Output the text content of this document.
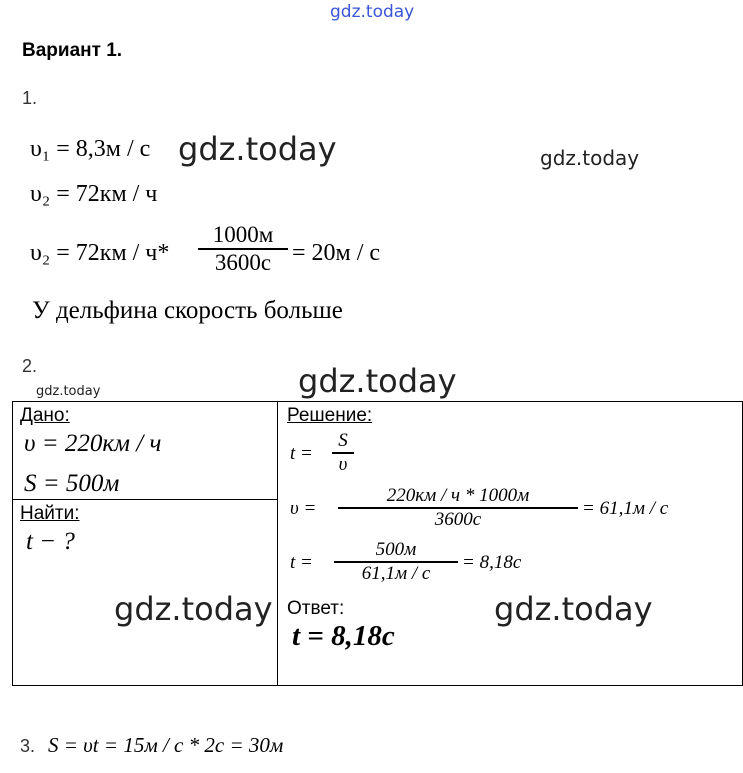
gdz.today
Вариант 1.
1.
υ₁ = 8,3м / с gdz.today	gdz.today
υ₂ = 72км / ч
υ₂ = 72км / ч*
1000м
3600с = 20м / с
У дельфина скорость больше
2.
gdz.today	gdz.today
Дано:
υ = 220км / ч
S = 500м
Найти:
t − ?
Решение:
t =
S
υ
υ =
220км / ч * 1000м
3600с	= 61,1м / с
t =
500м
61,1м / с	= 8,18с
gdz.today Ответ:	gdz.today
t = 8,18с
3. S = υt = 15м / с * 2с = 30м
